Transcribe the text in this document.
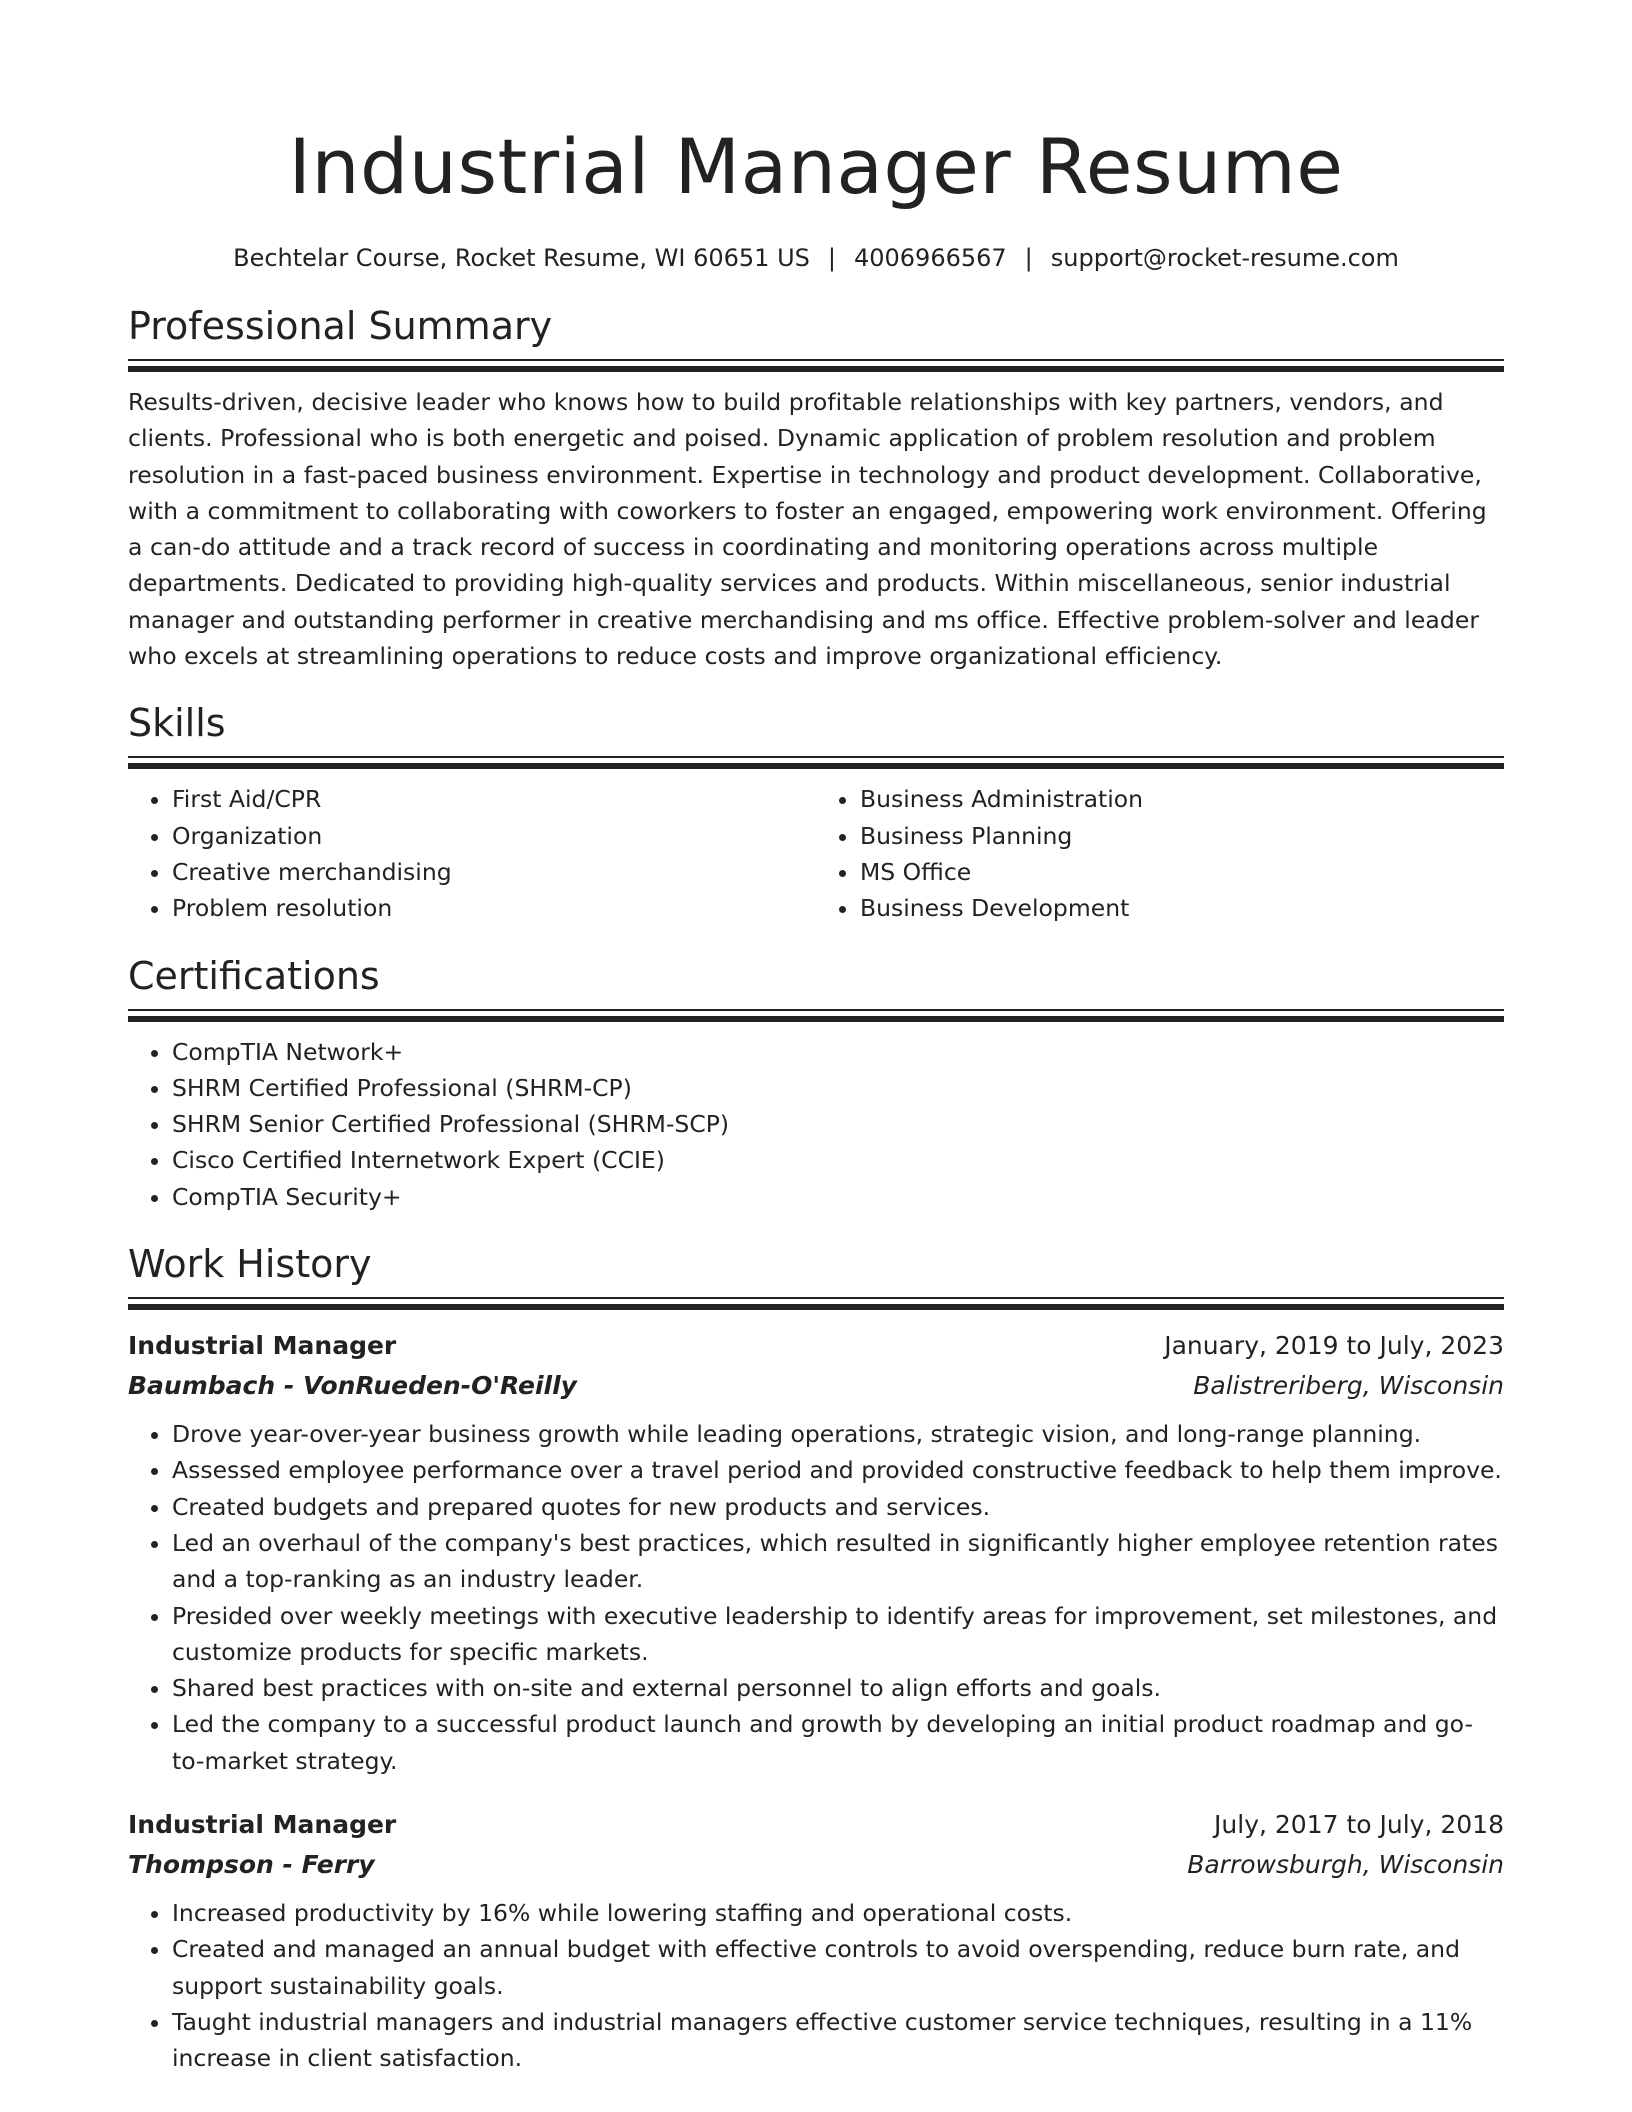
Industrial Manager Resume
Bechtelar Course, Rocket Resume, WI 60651 US | 4006966567 | support@rocket-resume.com
Professional Summary

Results-driven, decisive leader who knows how to build profitable relationships with key partners, vendors, and clients. Professional who is both energetic and poised. Dynamic application of problem resolution and problem resolution in a fast-paced business environment. Expertise in technology and product development. Collaborative, with a commitment to collaborating with coworkers to foster an engaged, empowering work environment. Offering a can-do attitude and a track record of success in coordinating and monitoring operations across multiple departments. Dedicated to providing high-quality services and products. Within miscellaneous, senior industrial manager and outstanding performer in creative merchandising and ms office. Effective problem-solver and leader who excels at streamlining operations to reduce costs and improve organizational efficiency.

Skills
• First Aid/CPR
• Organization
• Creative merchandising
• Problem resolution
• Business Administration
• Business Planning
• MS Office
• Business Development
Certifications
• CompTIA Network+
• SHRM Certified Professional (SHRM-CP)
• SHRM Senior Certified Professional (SHRM-SCP)
• Cisco Certified Internetwork Expert (CCIE)
• CompTIA Security+
Work History
Industrial Manager	January, 2019 to July, 2023
Baumbach - VonRueden-O'Reilly	Balistreriberg, Wisconsin
• Drove year-over-year business growth while leading operations, strategic vision, and long-range planning.
• Assessed employee performance over a travel period and provided constructive feedback to help them improve.
• Created budgets and prepared quotes for new products and services.
• Led an overhaul of the company's best practices, which resulted in significantly higher employee retention rates and a top-ranking as an industry leader.
• Presided over weekly meetings with executive leadership to identify areas for improvement, set milestones, and customize products for specific markets.
• Shared best practices with on-site and external personnel to align efforts and goals.
• Led the company to a successful product launch and growth by developing an initial product roadmap and go-to-market strategy.
Industrial Manager	July, 2017 to July, 2018
Thompson - Ferry	Barrowsburgh, Wisconsin
• Increased productivity by 16% while lowering staffing and operational costs.
• Created and managed an annual budget with effective controls to avoid overspending, reduce burn rate, and support sustainability goals.
• Taught industrial managers and industrial managers effective customer service techniques, resulting in a 11% increase in client satisfaction.
